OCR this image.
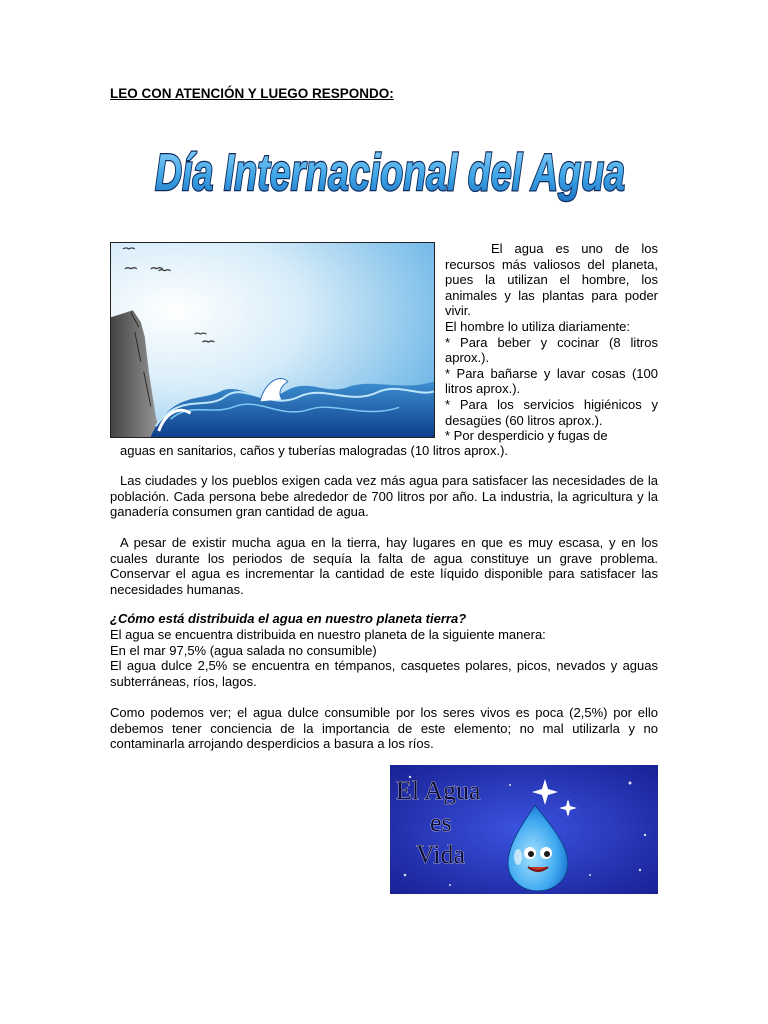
LEO CON ATENCIÓN Y LUEGO RESPONDO:
Día Internacional del Agua

El agua es uno de los recursos más valiosos del planeta, pues la utilizan el hombre, los animales y las plantas para poder vivir.

El hombre lo utiliza diariamente:

* Para beber y cocinar (8 litros aprox.).

* Para bañarse y lavar cosas (100 litros aprox.).

* Para los servicios higiénicos y desagües (60 litros aprox.).

* Por desperdicio y fugas de

aguas en sanitarios, caños y tuberías malogradas (10 litros aprox.).

Las ciudades y los pueblos exigen cada vez más agua para satisfacer las necesidades de la población. Cada persona bebe alrededor de 700 litros por año. La industria, la agricultura y la ganadería consumen gran cantidad de agua.

A pesar de existir mucha agua en la tierra, hay lugares en que es muy escasa, y en los cuales durante los periodos de sequía la falta de agua constituye un grave problema. Conservar el agua es incrementar la cantidad de este líquido disponible para satisfacer las necesidades humanas.

¿Cómo está distribuida el agua en nuestro planeta tierra?

El agua se encuentra distribuida en nuestro planeta de la siguiente manera:
En el mar 97,5% (agua salada no consumible)
El agua dulce 2,5% se encuentra en témpanos, casquetes polares, picos, nevados y aguas subterráneas, ríos, lagos.

Como podemos ver; el agua dulce consumible por los seres vivos es poca (2,5%) por ello debemos tener conciencia de la importancia de este elemento; no mal utilizarla y no contaminarla arrojando desperdicios a basura a los ríos.

El Agua
es
Vida
